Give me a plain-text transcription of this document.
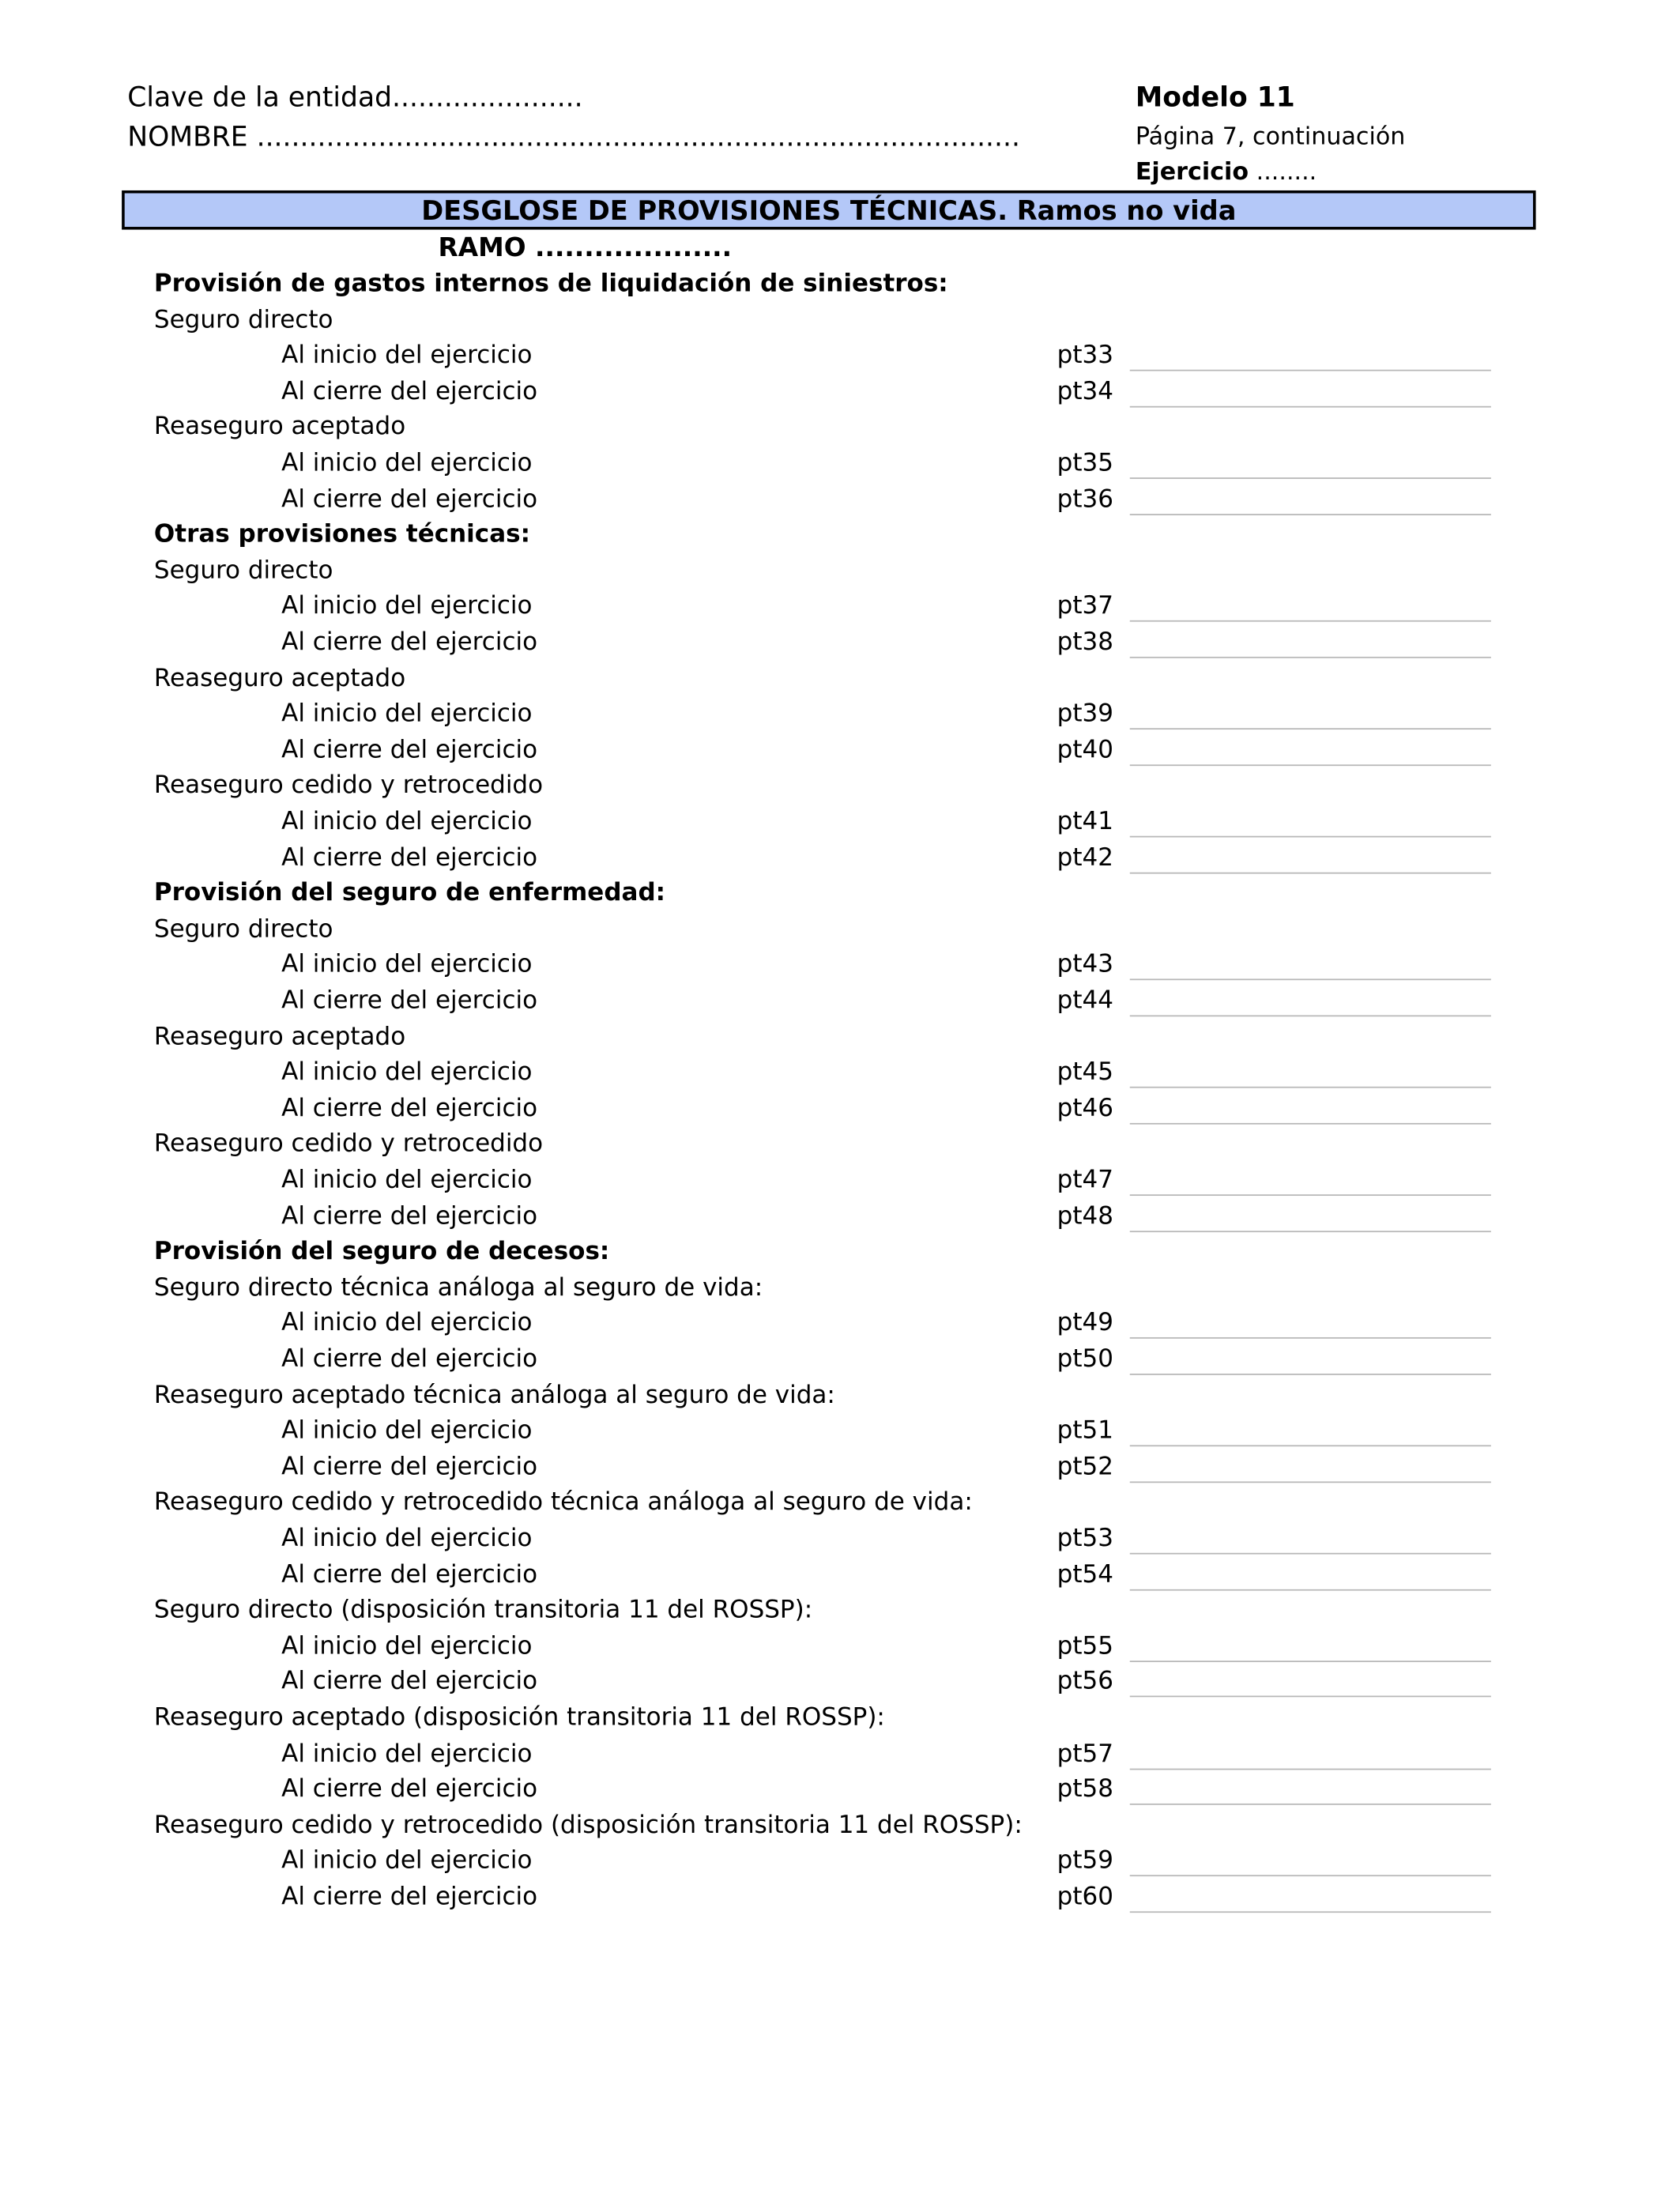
Clave de la entidad......................
NOMBRE ........................................................................................
Modelo 11
Página 7, continuación
Ejercicio ........
DESGLOSE DE PROVISIONES TÉCNICAS. Ramos no vida
RAMO ....................
Provisión de gastos internos de liquidación de siniestros:
Seguro directo
Al inicio del ejercicio	pt33
Al cierre del ejercicio	pt34
Reaseguro aceptado
Al inicio del ejercicio	pt35
Al cierre del ejercicio	pt36
Otras provisiones técnicas:
Seguro directo
Al inicio del ejercicio	pt37
Al cierre del ejercicio	pt38
Reaseguro aceptado
Al inicio del ejercicio	pt39
Al cierre del ejercicio	pt40
Reaseguro cedido y retrocedido
Al inicio del ejercicio	pt41
Al cierre del ejercicio	pt42
Provisión del seguro de enfermedad:
Seguro directo
Al inicio del ejercicio	pt43
Al cierre del ejercicio	pt44
Reaseguro aceptado
Al inicio del ejercicio	pt45
Al cierre del ejercicio	pt46
Reaseguro cedido y retrocedido
Al inicio del ejercicio	pt47
Al cierre del ejercicio	pt48
Provisión del seguro de decesos:
Seguro directo técnica análoga al seguro de vida:
Al inicio del ejercicio	pt49
Al cierre del ejercicio	pt50
Reaseguro aceptado técnica análoga al seguro de vida:
Al inicio del ejercicio	pt51
Al cierre del ejercicio	pt52
Reaseguro cedido y retrocedido técnica análoga al seguro de vida:
Al inicio del ejercicio	pt53
Al cierre del ejercicio	pt54
Seguro directo (disposición transitoria 11 del ROSSP):
Al inicio del ejercicio	pt55
Al cierre del ejercicio	pt56
Reaseguro aceptado (disposición transitoria 11 del ROSSP):
Al inicio del ejercicio	pt57
Al cierre del ejercicio	pt58
Reaseguro cedido y retrocedido (disposición transitoria 11 del ROSSP):
Al inicio del ejercicio	pt59
Al cierre del ejercicio	pt60
